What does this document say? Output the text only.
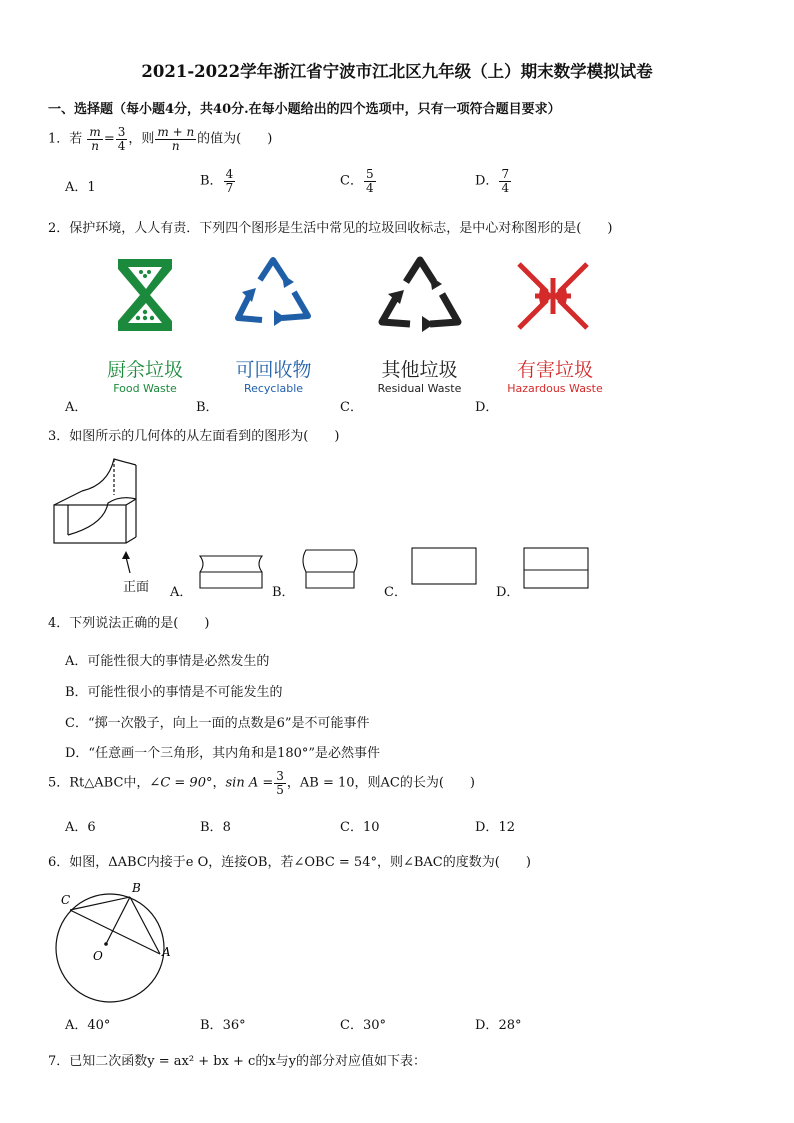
2021-2022学年浙江省宁波市江北区九年级（上）期末数学模拟试卷
一、选择题（每小题4分，共40分.在每小题给出的四个选项中，只有一项符合题目要求）
1．若 $\frac{m}{n} = \frac{3}{4}$ ，则 $\frac{m + n}{n}$ 的值为(　　)
A．1	B． $\frac{4}{7}$	C． $\frac{5}{4}$	D． $\frac{7}{4}$
2．保护环境，人人有责．下列四个图形是生活中常见的垃圾回收标志，是中心对称图形的是(　　)
厨余垃圾
Food Waste
可回收物
Recyclable
其他垃圾
Residual Waste
有害垃圾
Hazardous Waste
A．	B．	C．	D．
3．如图所示的几何体的从左面看到的图形为(　　)
正面 A．	B．	C．	D．
4．下列说法正确的是(　　)
A．可能性很大的事情是必然发生的
B．可能性很小的事情是不可能发生的
C．“掷一次骰子，向上一面的点数是6”是不可能事件
D．“任意画一个三角形，其内角和是180°”是必然事件
5．Rt△ABC中，∠C = 90°，$\sin A = \frac{3}{5}$ ，AB = 10，则AC的长为(　　)
A．6	B．8	C．10	D．12
6．如图，ΔABC内接于e O，连接OB，若∠OBC = 54°，则∠BAC的度数为(　　)
C
B
O	A
A．40°	B．36°	C．30°	D．28°
7．已知二次函数y = ax² + bx + c的x与y的部分对应值如下表：
